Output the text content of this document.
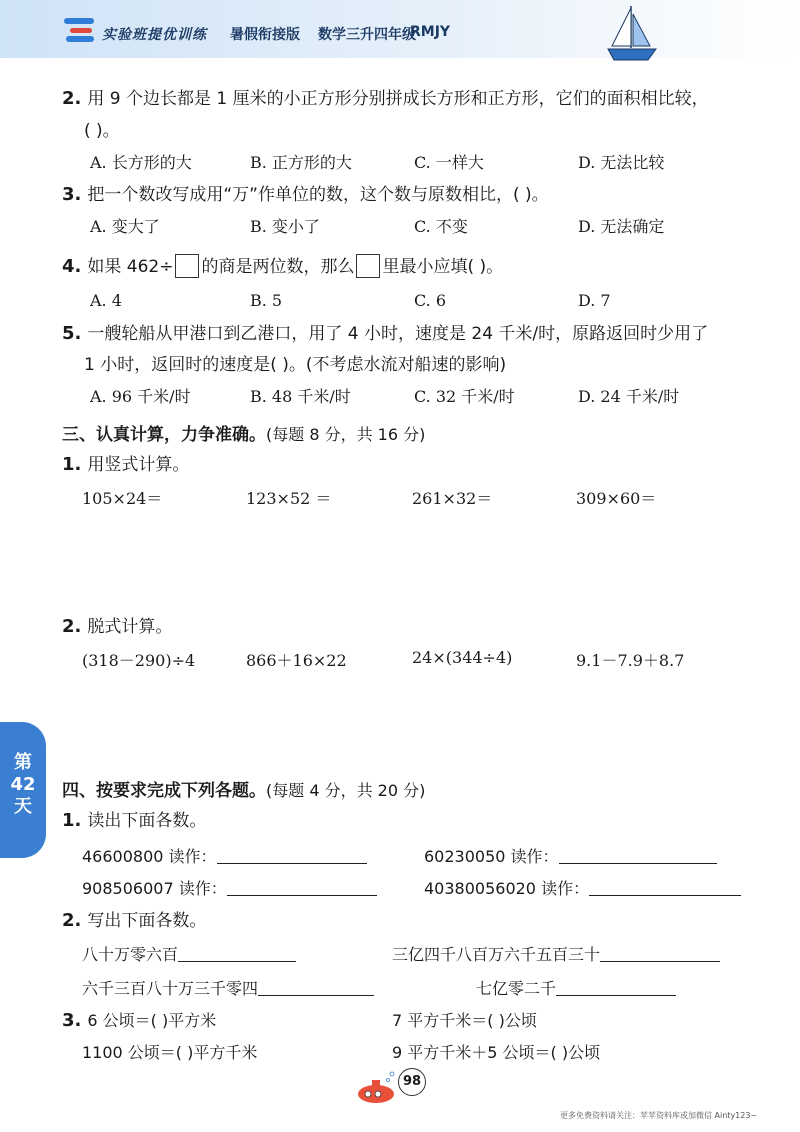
实验班提优训练 暑假衔接版 数学三升四年级
RMJY
2. 用 9 个边长都是 1 厘米的小正方形分别拼成长方形和正方形，它们的面积相比较，
( )。
A. 长方形的大	B. 正方形的大	C. 一样大	D. 无法比较
3. 把一个数改写成用“万”作单位的数，这个数与原数相比，( )。
A. 变大了	B. 变小了	C. 不变	D. 无法确定
4. 如果 462÷ 的商是两位数，那么 里最小应填( )。
A. 4	B. 5	C. 6	D. 7
5. 一艘轮船从甲港口到乙港口，用了 4 小时，速度是 24 千米/时，原路返回时少用了
1 小时，返回时的速度是( )。(不考虑水流对船速的影响)
A. 96 千米/时	B. 48 千米/时	C. 32 千米/时	D. 24 千米/时
三、认真计算，力争准确。(每题 8 分，共 16 分)
1. 用竖式计算。
105×24＝	123×52 ＝	261×32＝	309×60＝
2. 脱式计算。
(318－290)÷4	866＋16×22	24×(344÷4)	9.1－7.9＋8.7
第
42
天
四、按要求完成下列各题。(每题 4 分，共 20 分)
1. 读出下面各数。
46600800 读作：	60230050 读作：
908506007 读作：	40380056020 读作：
2. 写出下面各数。
八十万零六百	三亿四千八百万六千五百三十
六千三百八十万三千零四	七亿零二千
3. 6 公顷＝( )平方米	7 平方千米＝( )公顷
1100 公顷＝( )平方千米	9 平方千米＋5 公顷＝( )公顷
98
更多免费资料请关注：苹苹资料库或加微信 Ainty123~
